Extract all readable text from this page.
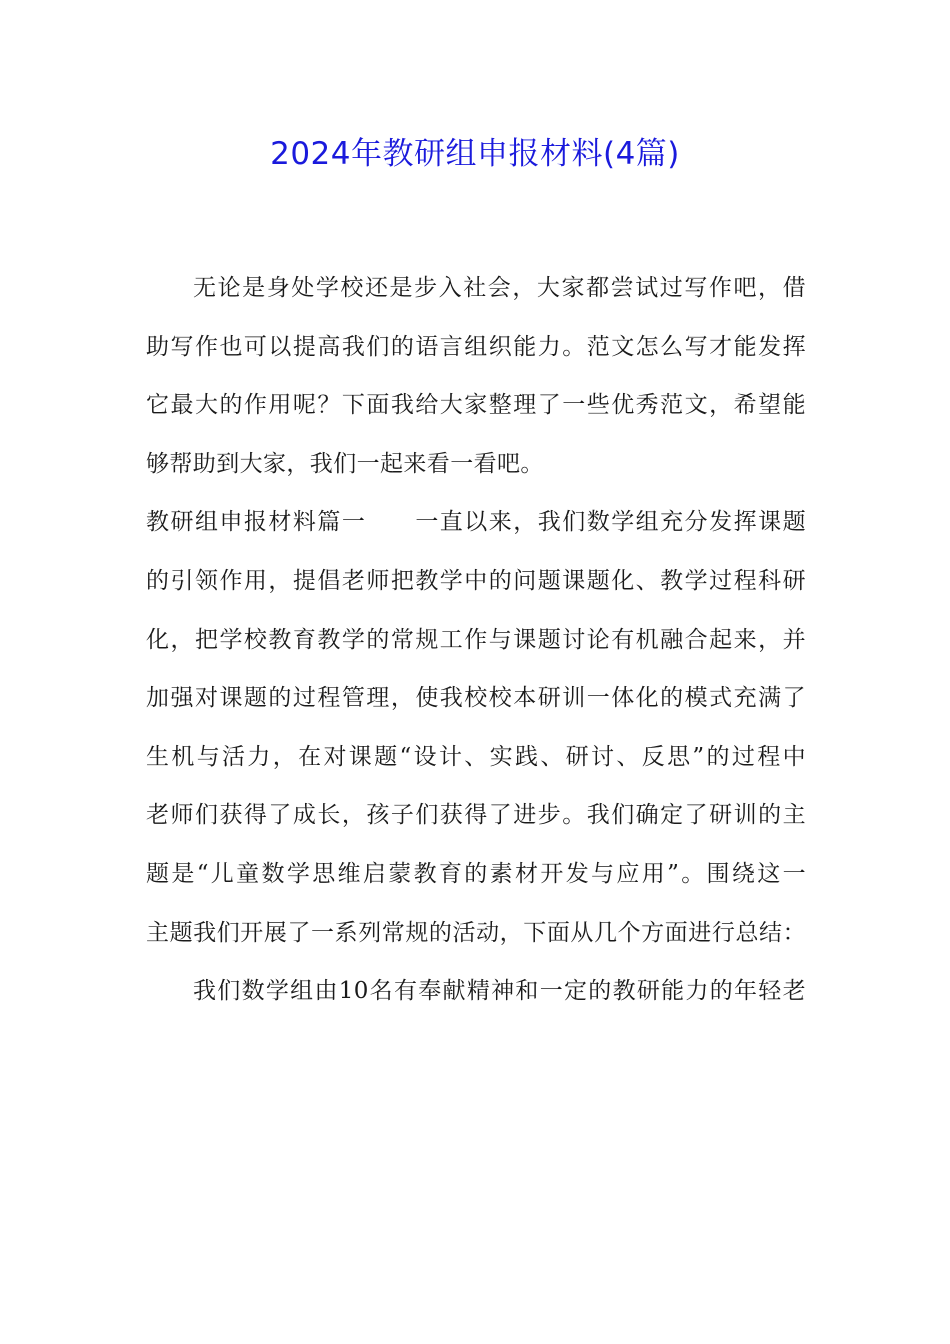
2024年教研组申报材料(4篇)
无论是身处学校还是步入社会，大家都尝试过写作吧，借
助写作也可以提高我们的语言组织能力。范文怎么写才能发挥
它最大的作用呢？下面我给大家整理了一些优秀范文，希望能
够帮助到大家，我们一起来看一看吧。
教研组申报材料篇一　　一直以来，我们数学组充分发挥课题
的引领作用，提倡老师把教学中的问题课题化、教学过程科研
化，把学校教育教学的常规工作与课题讨论有机融合起来，并
加强对课题的过程管理，使我校校本研训一体化的模式充满了
生机与活力，在对课题“设计、实践、研讨、反思”的过程中
老师们获得了成长，孩子们获得了进步。我们确定了研训的主
题是“儿童数学思维启蒙教育的素材开发与应用”。围绕这一
主题我们开展了一系列常规的活动，下面从几个方面进行总结：
我们数学组由10名有奉献精神和一定的教研能力的年轻老
